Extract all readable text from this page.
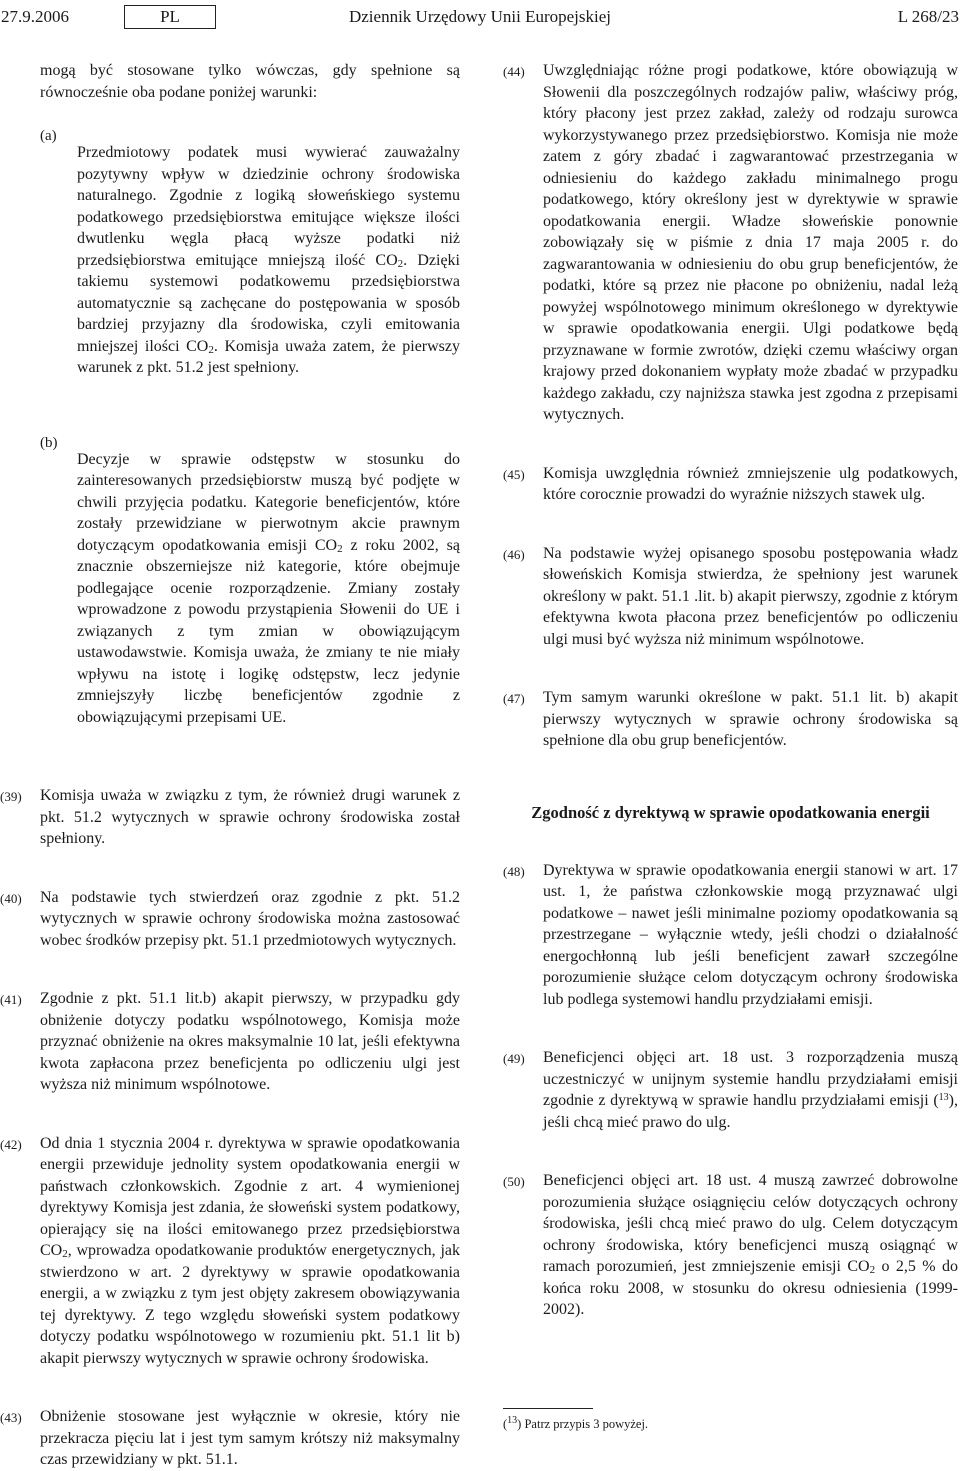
27.9.2006	PL	Dziennik Urzędowy Unii Europejskiej	L 268/23

mogą być stosowane tylko wówczas, gdy spełnione są równocześnie oba podane poniżej warunki:

(a)

Przedmiotowy podatek musi wywierać zauważalny pozytywny wpływ w dziedzinie ochrony środowiska naturalnego. Zgodnie z logiką słoweńskiego systemu podatkowego przedsiębiorstwa emitujące większe ilości dwutlenku węgla płacą wyższe podatki niż przedsiębiorstwa emitujące mniejszą ilość $CO_2$. Dzięki takiemu systemowi podatkowemu przedsiębiorstwa automatycznie są zachęcane do postępowania w sposób bardziej przyjazny dla środowiska, czyli emitowania mniejszej ilości $CO_2$. Komisja uważa zatem, że pierwszy warunek z pkt. 51.2 jest spełniony.

(b)

Decyzje w sprawie odstępstw w stosunku do zainteresowanych przedsiębiorstw muszą być podjęte w chwili przyjęcia podatku. Kategorie beneficjentów, które zostały przewidziane w pierwotnym akcie prawnym dotyczącym opodatkowania emisji $CO_2$ z roku 2002, są znacznie obszerniejsze niż kategorie, które obejmuje podlegające ocenie rozporządzenie. Zmiany zostały wprowadzone z powodu przystąpienia Słowenii do UE i związanych z tym zmian w obowiązującym ustawodawstwie. Komisja uważa, że zmiany te nie miały wpływu na istotę i logikę odstępstw, lecz jedynie zmniejszyły liczbę beneficjentów zgodnie z obowiązującymi przepisami UE.

(39)	Komisja uważa w związku z tym, że również drugi warunek z pkt. 51.2 wytycznych w sprawie ochrony środowiska został spełniony.

(40)	Na podstawie tych stwierdzeń oraz zgodnie z pkt. 51.2 wytycznych w sprawie ochrony środowiska można zastosować wobec środków przepisy pkt. 51.1 przedmiotowych wytycznych.

(41)	Zgodnie z pkt. 51.1 lit.b) akapit pierwszy, w przypadku gdy obniżenie dotyczy podatku wspólnotowego, Komisja może przyznać obniżenie na okres maksymalnie 10 lat, jeśli efektywna kwota zapłacona przez beneficjenta po odliczeniu ulgi jest wyższa niż minimum wspólnotowe.

(42)	Od dnia 1 stycznia 2004 r. dyrektywa w sprawie opodatkowania energii przewiduje jednolity system opodatkowania energii w państwach członkowskich. Zgodnie z art. 4 wymienionej dyrektywy Komisja jest zdania, że słoweński system podatkowy, opierający się na ilości emitowanego przez przedsiębiorstwa $CO_2$, wprowadza opodatkowanie produktów energetycznych, jak stwierdzono w art. 2 dyrektywy w sprawie opodatkowania energii, a w związku z tym jest objęty zakresem obowiązywania tej dyrektywy. Z tego względu słoweński system podatkowy dotyczy podatku wspólnotowego w rozumieniu pkt. 51.1 lit b) akapit pierwszy wytycznych w sprawie ochrony środowiska.

(43)	Obniżenie stosowane jest wyłącznie w okresie, który nie przekracza pięciu lat i jest tym samym krótszy niż maksymalny czas przewidziany w pkt. 51.1.

(44)	Uwzględniając różne progi podatkowe, które obowiązują w Słowenii dla poszczególnych rodzajów paliw, właściwy próg, który płacony jest przez zakład, zależy od rodzaju surowca wykorzystywanego przez przedsiębiorstwo. Komisja nie może zatem z góry zbadać i zagwarantować przestrzegania w odniesieniu do każdego zakładu minimalnego progu podatkowego, który określony jest w dyrektywie w sprawie opodatkowania energii. Władze słoweńskie ponownie zobowiązały się w piśmie z dnia 17 maja 2005 r. do zagwarantowania w odniesieniu do obu grup beneficjentów, że podatki, które są przez nie płacone po obniżeniu, nadal leżą powyżej wspólnotowego minimum określonego w dyrektywie w sprawie opodatkowania energii. Ulgi podatkowe będą przyznawane w formie zwrotów, dzięki czemu właściwy organ krajowy przed dokonaniem wypłaty może zbadać w przypadku każdego zakładu, czy najniższa stawka jest zgodna z przepisami wytycznych.

(45)	Komisja uwzględnia również zmniejszenie ulg podatkowych, które corocznie prowadzi do wyraźnie niższych stawek ulg.

(46)	Na podstawie wyżej opisanego sposobu postępowania władz słoweńskich Komisja stwierdza, że spełniony jest warunek określony w pakt. 51.1 .lit. b) akapit pierwszy, zgodnie z którym efektywna kwota płacona przez beneficjentów po odliczeniu ulgi musi być wyższa niż minimum wspólnotowe.

(47)	Tym samym warunki określone w pakt. 51.1 lit. b) akapit pierwszy wytycznych w sprawie ochrony środowiska są spełnione dla obu grup beneficjentów.

Zgodność z dyrektywą w sprawie opodatkowania energii

(48)	Dyrektywa w sprawie opodatkowania energii stanowi w art. 17 ust. 1, że państwa członkowskie mogą przyznawać ulgi podatkowe – nawet jeśli minimalne poziomy opodatkowania są przestrzegane – wyłącznie wtedy, jeśli chodzi o działalność energochłonną lub jeśli beneficjent zawarł szczególne porozumienie służące celom dotyczącym ochrony środowiska lub podlega systemowi handlu przydziałami emisji.

(49)	Beneficjenci objęci art. 18 ust. 3 rozporządzenia muszą uczestniczyć w unijnym systemie handlu przydziałami emisji zgodnie z dyrektywą w sprawie handlu przydziałami emisji ($^{13}$), jeśli chcą mieć prawo do ulg.

(50)	Beneficjenci objęci art. 18 ust. 4 muszą zawrzeć dobrowolne porozumienia służące osiągnięciu celów dotyczących ochrony środowiska, jeśli chcą mieć prawo do ulg. Celem dotyczącym ochrony środowiska, który beneficjenci muszą osiągnąć w ramach porozumień, jest zmniejszenie emisji $CO_2$ o 2,5 % do końca roku 2008, w stosunku do okresu odniesienia (1999-2002).

($^{13}$) Patrz przypis 3 powyżej.
